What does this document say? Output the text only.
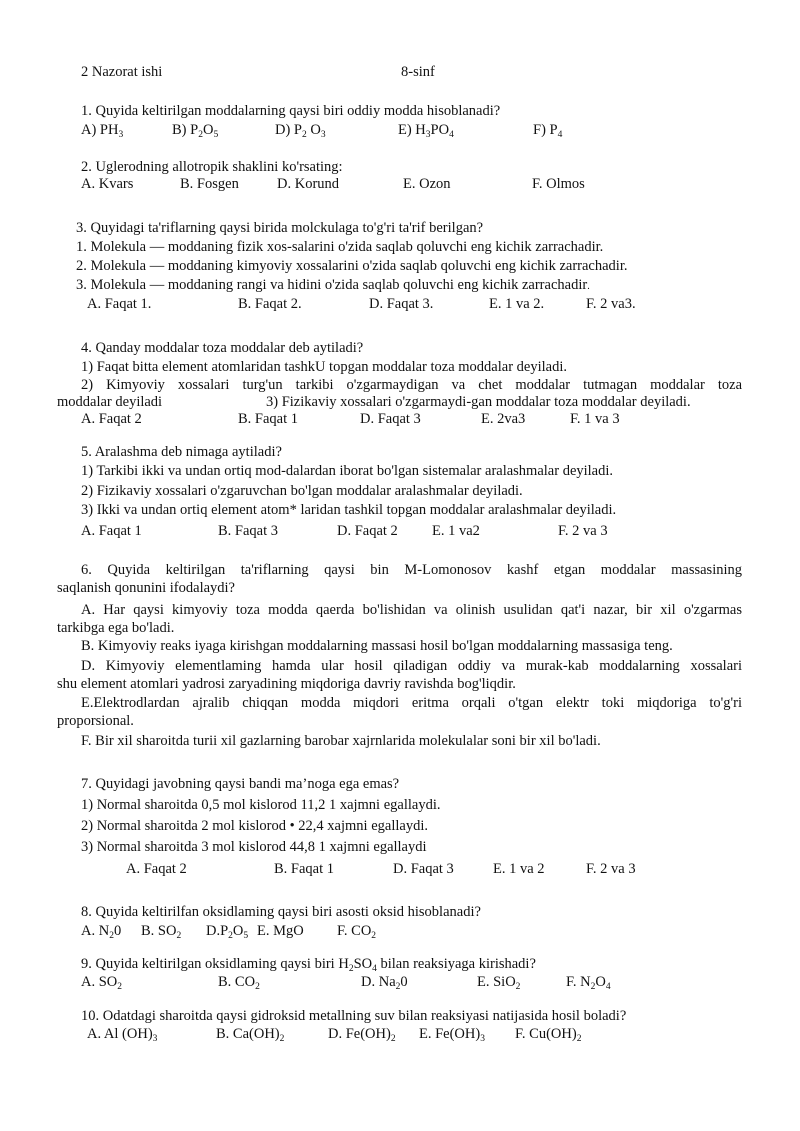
2 Nazorat ishi	8-sinf
1. Quyida keltirilgan moddalarning qaysi biri oddiy modda hisoblanadi?
A) $PH_3$	B) $P_2O_5$	D) $P_2$ $O_3$	E) $H_3PO_4$	F) $P_4$
2. Uglerodning allotropik shaklini ko'rsating:
A. Kvars	B. Fosgen	D. Korund	E. Ozon	F. Olmos
3. Quyidagi ta'riflarning qaysi birida molckulaga to'g'ri ta'rif berilgan?
1. Molekula — moddaning fizik xos-salarini o'zida saqlab qoluvchi eng kichik zarrachadir.
2. Molekula — moddaning kimyoviy xossalarini o'zida saqlab qoluvchi eng kichik zarrachadir.
3. Molekula — moddaning rangi va hidini o'zida saqlab qoluvchi eng kichik zarrachadir.
A. Faqat 1.	B. Faqat 2.	D. Faqat 3.	E. 1 va 2.	F. 2 va3.
4. Qanday moddalar toza moddalar deb aytiladi?
1) Faqat bitta element atomlaridan tashkU topgan moddalar toza moddalar deyiladi.
2) Kimyoviy xossalari turg'un tarkibi o'zgarmaydigan va chet moddalar tutmagan moddalar toza
moddalar deyiladi	3) Fizikaviy xossalari o'zgarmaydi-gan moddalar toza moddalar deyiladi.
A. Faqat 2	B. Faqat 1	D. Faqat 3	E. 2va3	F. 1 va 3
5. Aralashma deb nimaga aytiladi?
1) Tarkibi ikki va undan ortiq mod-dalardan iborat bo'lgan sistemalar aralashmalar deyiladi.
2) Fizikaviy xossalari o'zgaruvchan bo'lgan moddalar aralashmalar deyiladi.
3) Ikki va undan ortiq element atom* laridan tashkil topgan moddalar aralashmalar deyiladi.
A. Faqat 1	B. Faqat 3	D. Faqat 2 E. 1 va2	F. 2 va 3
6. Quyida keltirilgan ta'riflarning qaysi bin M-Lomonosov kashf etgan moddalar massasining
saqlanish qonunini ifodalaydi?
A. Har qaysi kimyoviy toza modda qaerda bo'lishidan va olinish usulidan qat'i nazar, bir xil o'zgarmas
tarkibga ega bo'ladi.
B. Kimyoviy reaks iyaga kirishgan moddalarning massasi hosil bo'lgan moddalarning massasiga teng.
D. Kimyoviy elementlaming hamda ular hosil qiladigan oddiy va murak-kab moddalarning xossalari
shu element atomlari yadrosi zaryadining miqdoriga davriy ravishda bog'liqdir.
E.Elektrodlardan ajralib chiqqan modda miqdori eritma orqali o'tgan elektr toki miqdoriga to'g'ri
proporsional.
F. Bir xil sharoitda turii xil gazlarning barobar xajrnlarida molekulalar soni bir xil bo'ladi.
7. Quyidagi javobning qaysi bandi ma’noga ega emas?
1) Normal sharoitda 0,5 mol kislorod 11,2 1 xajmni egallaydi.
2) Normal sharoitda 2 mol kislorod • 22,4 xajmni egallaydi.
3) Normal sharoitda 3 mol kislorod 44,8 1 xajmni egallaydi
A. Faqat 2	B. Faqat 1	D. Faqat 3	E. 1 va 2	F. 2 va 3
8. Quyida keltirilfan oksidlaming qaysi biri asosti oksid hisoblanadi?
A. $N_20$ B. $SO_2$ $D.P_2O_5$ E. MgO F. $CO_2$
9. Quyida keltirilgan oksidlaming qaysi biri $H_2SO_4$ bilan reaksiyaga kirishadi?
A. $SO_2$	B. $CO_2$	D. $Na_20$	E. SiO$_2$	F. $N_2O_4$
10. Odatdagi sharoitda qaysi gidroksid metallning suv bilan reaksiyasi natijasida hosil boladi?
A. Al $(OH)_3$	B. $Ca(OH)_2$	D. $Fe(OH)_2$ E. $Fe(OH)_3$ F. $Cu(OH)_2$
